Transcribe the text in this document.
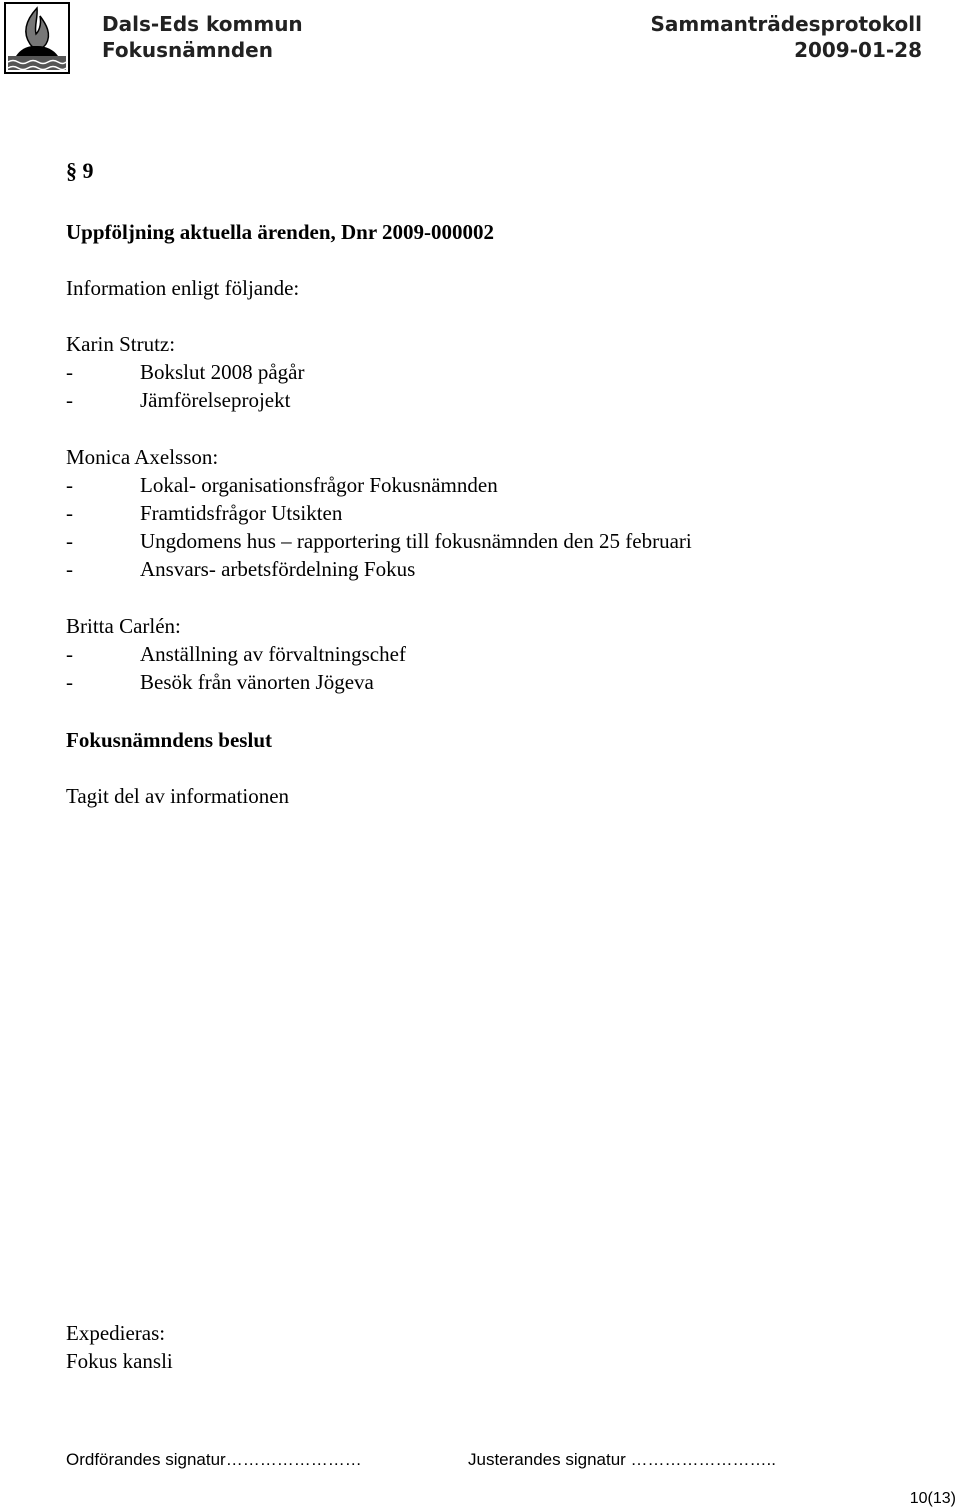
Dals-Eds kommun
Fokusnämnden
Sammanträdesprotokoll
2009-01-28
§ 9
Uppföljning aktuella ärenden, Dnr 2009-000002
Information enligt följande:
Karin Strutz:
-	Bokslut 2008 pågår
-	Jämförelseprojekt
Monica Axelsson:
-	Lokal- organisationsfrågor Fokusnämnden
-	Framtidsfrågor Utsikten
-	Ungdomens hus – rapportering till fokusnämnden den 25 februari
-	Ansvars- arbetsfördelning Fokus
Britta Carlén:
-	Anställning av förvaltningschef
-	Besök från vänorten Jögeva
Fokusnämndens beslut
Tagit del av informationen
Expedieras:
Fokus kansli
Ordförandes signatur……………………	Justerandes signatur ……………………..
10(13)
